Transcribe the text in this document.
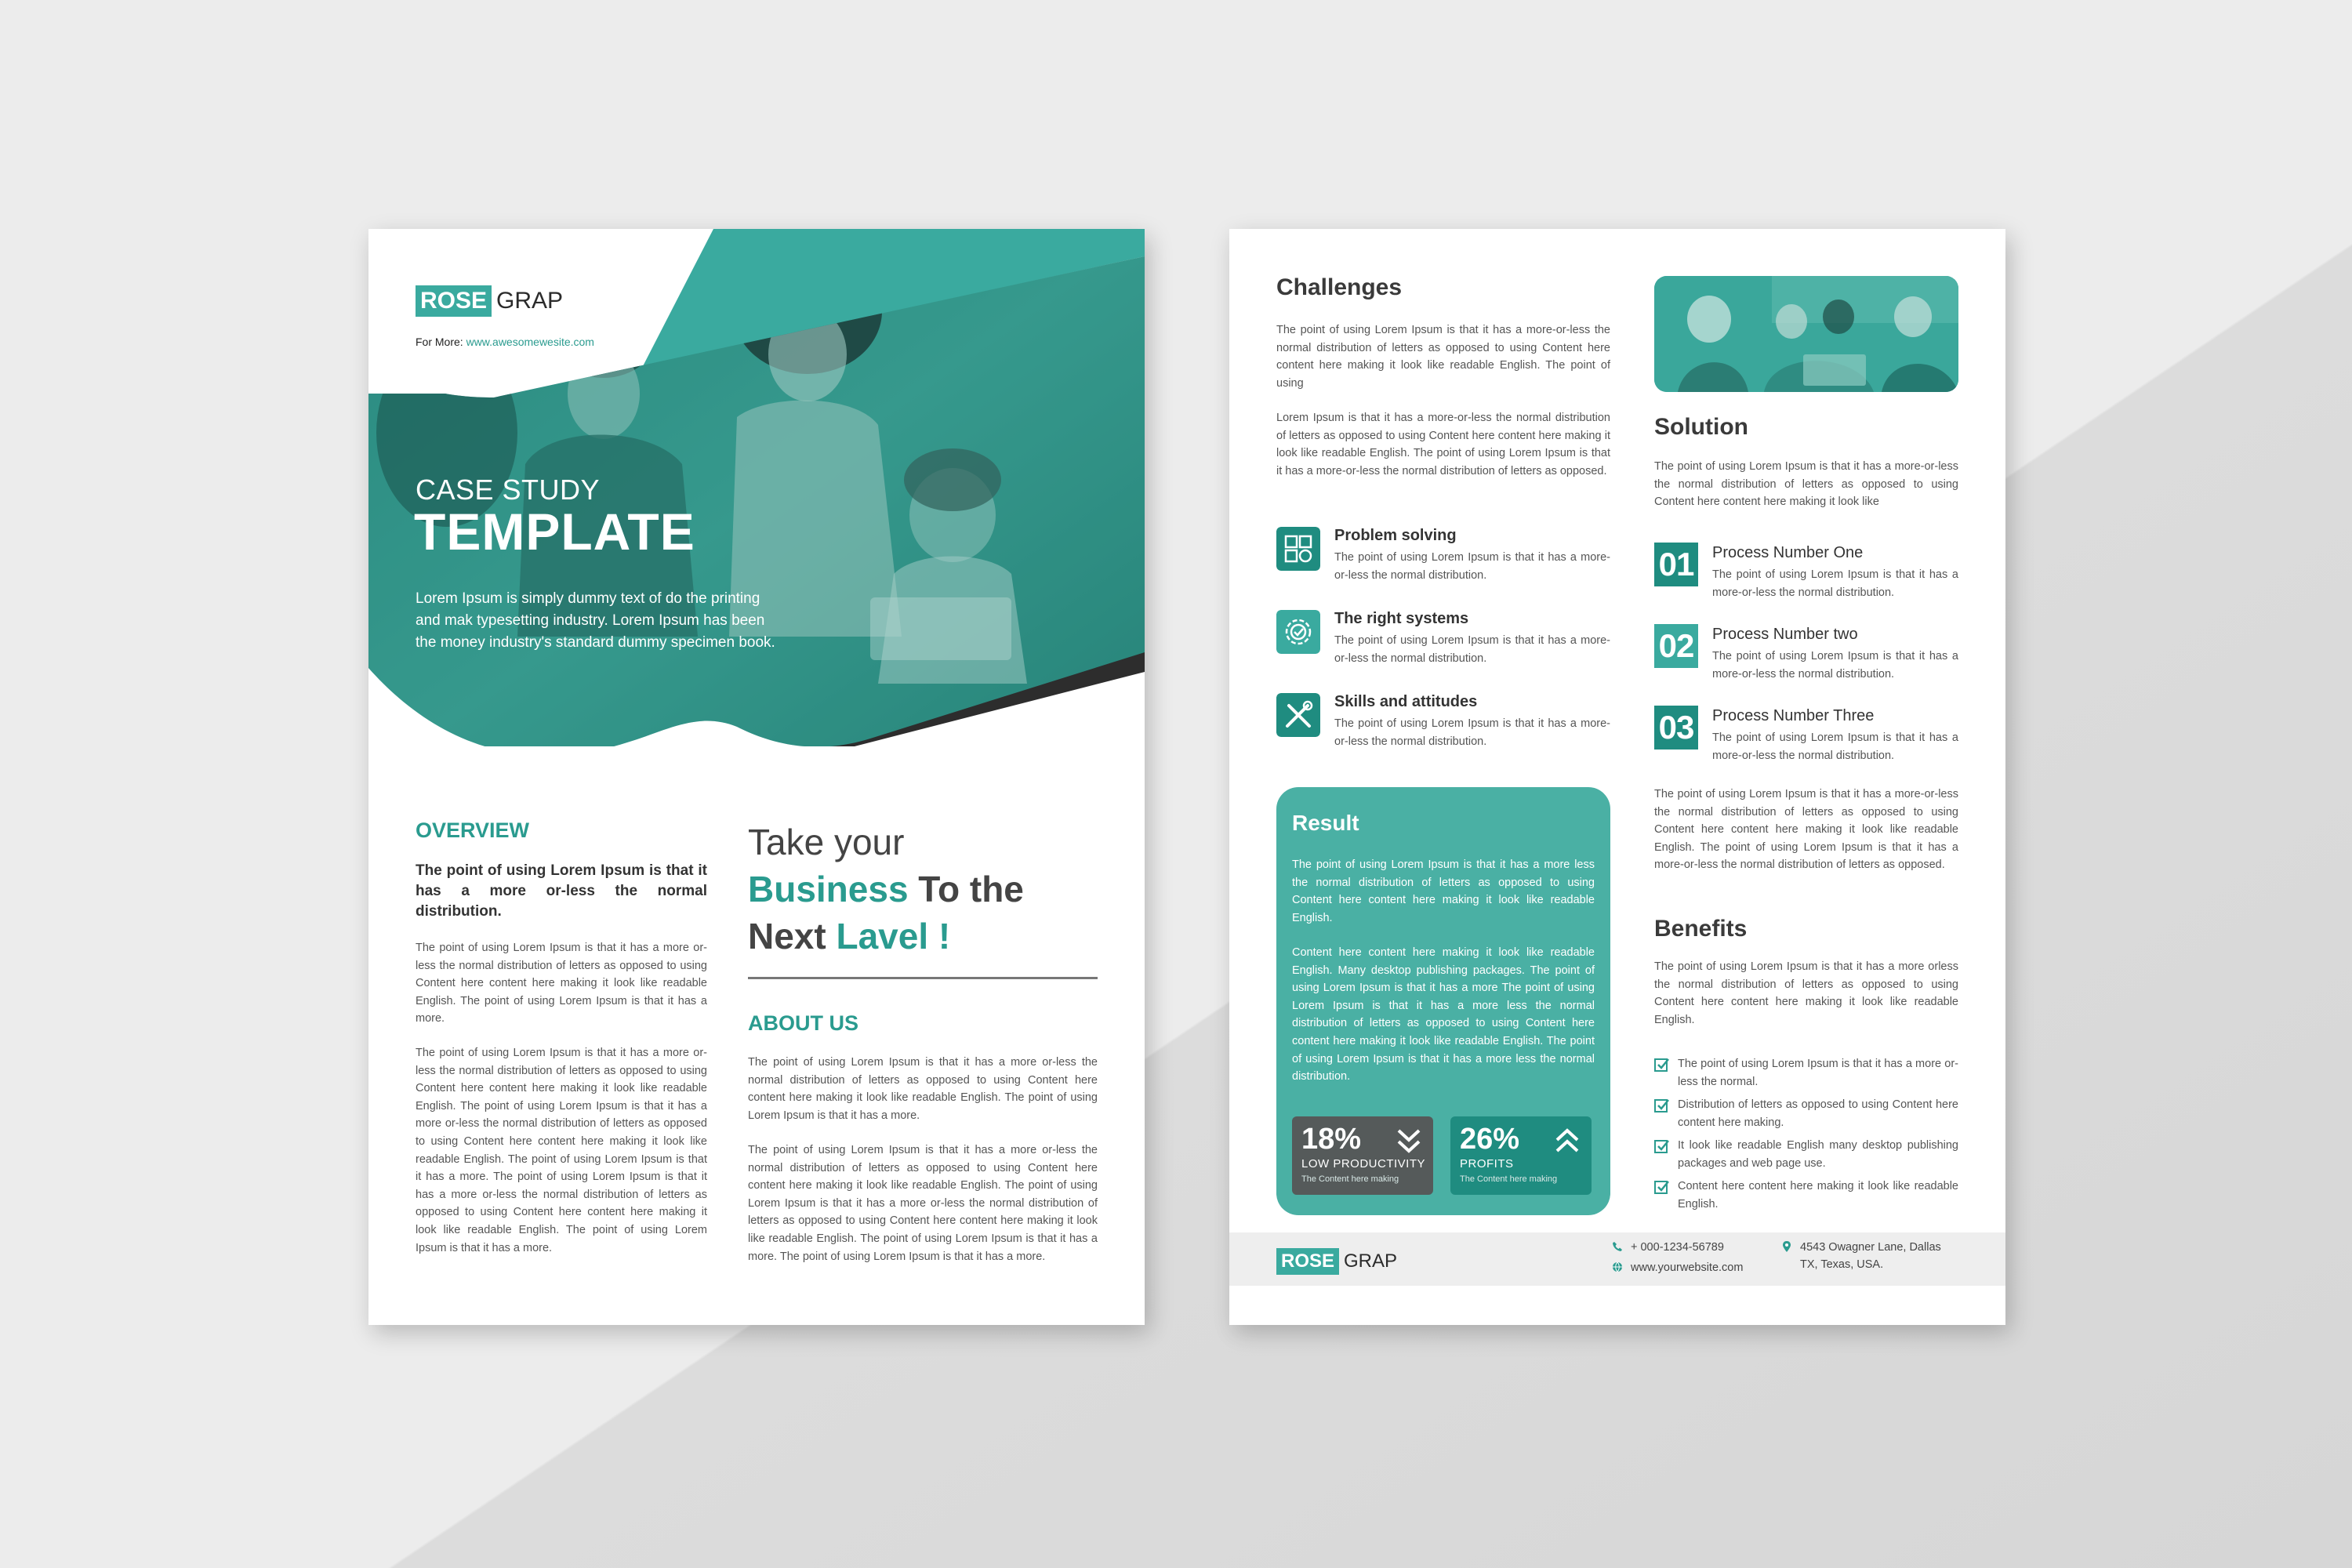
ROSE GRAP
For More: www.awesomewesite.com
CASE STUDY
TEMPLATE
Lorem Ipsum is simply dummy text of do the printing and mak typesetting industry. Lorem Ipsum has been the money industry's standard dummy specimen book.
OVERVIEW
The point of using Lorem Ipsum is that it has a more or-less the normal distribution.
The point of using Lorem Ipsum is that it has a more or-less the normal distribution of letters as opposed to using Content here content here making it look like readable English. The point of using Lorem Ipsum is that it has a more.
The point of using Lorem Ipsum is that it has a more or-less the normal distribution of letters as opposed to using Content here content here making it look like readable English. The point of using Lorem Ipsum is that it has a more or-less the normal distribution of letters as opposed to using Content here content here making it look like readable English. The point of using Lorem Ipsum is that it has a more. The point of using Lorem Ipsum is that it has a more or-less the normal distribution of letters as opposed to using Content here content here making it look like readable English. The point of using Lorem Ipsum is that it has a more.
Take your
Business To the
Next Lavel !
ABOUT US
The point of using Lorem Ipsum is that it has a more or-less the normal distribution of letters as opposed to using Content here content here making it look like readable English. The point of using Lorem Ipsum is that it has a more.
The point of using Lorem Ipsum is that it has a more or-less the normal distribution of letters as opposed to using Content here content here making it look like readable English. The point of using Lorem Ipsum is that it has a more or-less the normal distribution of letters as opposed to using Content here content here making it look like readable English. The point of using Lorem Ipsum is that it has a more. The point of using Lorem Ipsum is that it has a more.
Challenges
The point of using Lorem Ipsum is that it has a more-or-less the normal distribution of letters as opposed to using Content here content here making it look like readable English. The point of using
Lorem Ipsum is that it has a more-or-less the normal distribution of letters as opposed to using Content here content here making it look like readable English. The point of using Lorem Ipsum is that it has a more-or-less the normal distribution of letters as opposed.
Problem solving
The point of using Lorem Ipsum is that it has a more-or-less the normal distribution.
The right systems
The point of using Lorem Ipsum is that it has a more-or-less the normal distribution.
Skills and attitudes
The point of using Lorem Ipsum is that it has a more-or-less the normal distribution.
Result
The point of using Lorem Ipsum is that it has a more less the normal distribution of letters as opposed to using Content here content here making it look like readable English.
Content here content here making it look like readable English. Many desktop publishing packages. The point of using Lorem Ipsum is that it has a more The point of using Lorem Ipsum is that it has a more less the normal distribution of letters as opposed to using Content here content here making it look like readable English. The point of using Lorem Ipsum is that it has a more less the normal distribution.
18%
LOW PRODUCTIVITY
The Content here making
26%
PROFITS
The Content here making
Solution
The point of using Lorem Ipsum is that it has a more-or-less the normal distribution of letters as opposed to using Content here content here making it look like
01 Process Number One
The point of using Lorem Ipsum is that it has a more-or-less the normal distribution.
02 Process Number two
The point of using Lorem Ipsum is that it has a more-or-less the normal distribution.
03 Process Number Three
The point of using Lorem Ipsum is that it has a more-or-less the normal distribution.
The point of using Lorem Ipsum is that it has a more-or-less the normal distribution of letters as opposed to using Content here content here making it look like readable English. The point of using Lorem Ipsum is that it has a more-or-less the normal distribution of letters as opposed.
Benefits
The point of using Lorem Ipsum is that it has a more orless the normal distribution of letters as opposed to using Content here content here making it look like readable English.
The point of using Lorem Ipsum is that it has a more or-less the normal.
Distribution of letters as opposed to using Content here content here making.
It look like readable English many desktop publishing packages and web page use.
Content here content here making it look like readable English.
ROSE GRAP
+ 000-1234-56789
www.yourwebsite.com
4543 Owagner Lane, Dallas
TX, Texas, USA.
